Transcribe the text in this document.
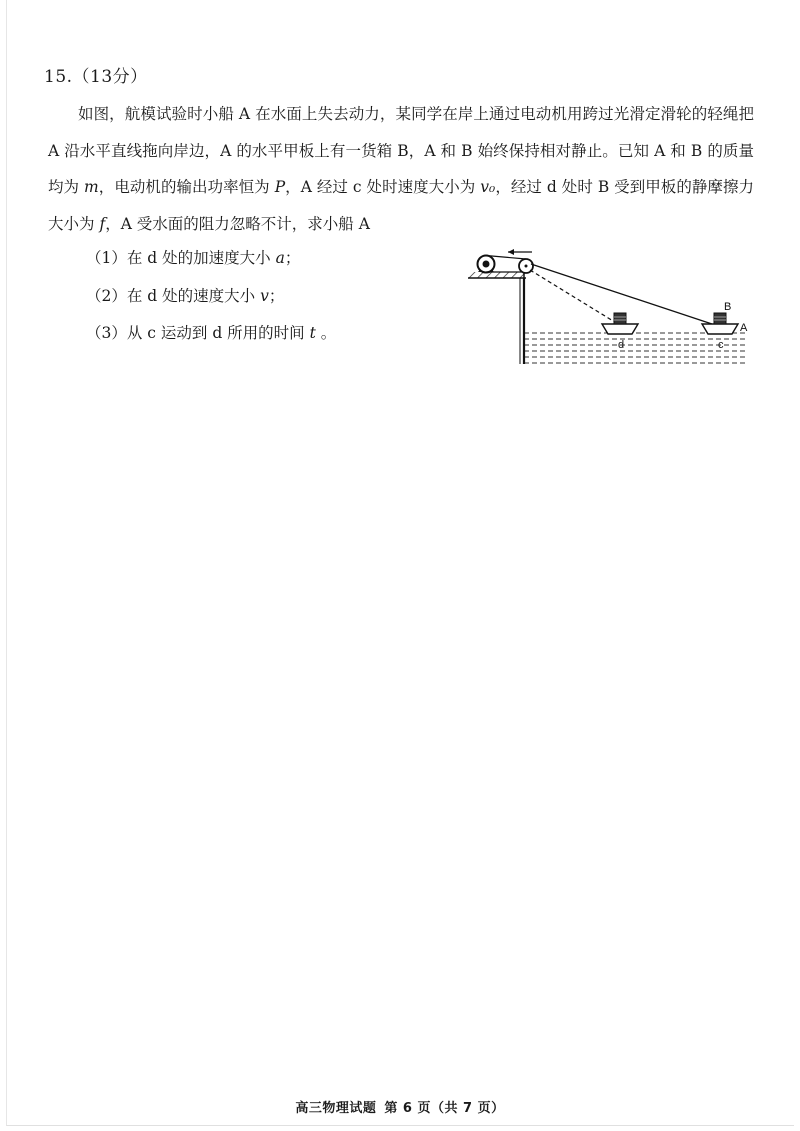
15.（13分）
如图，航模试验时小船 A 在水面上失去动力，某同学在岸上通过电动机用跨过光滑定滑轮的轻绳把 A 沿水平直线拖向岸边，A 的水平甲板上有一货箱 B，A 和 B 始终保持相对静止。已知 A 和 B 的质量均为 m，电动机的输出功率恒为 P，A 经过 c 处时速度大小为 v₀，经过 d 处时 B 受到甲板的静摩擦力大小为 f，A 受水面的阻力忽略不计，求小船 A
（1）在 d 处的加速度大小 a；
（2）在 d 处的速度大小 v；
（3）从 c 运动到 d 所用的时间 t 。
B
A
d	c
高三物理试题 第 6 页（共 7 页）
